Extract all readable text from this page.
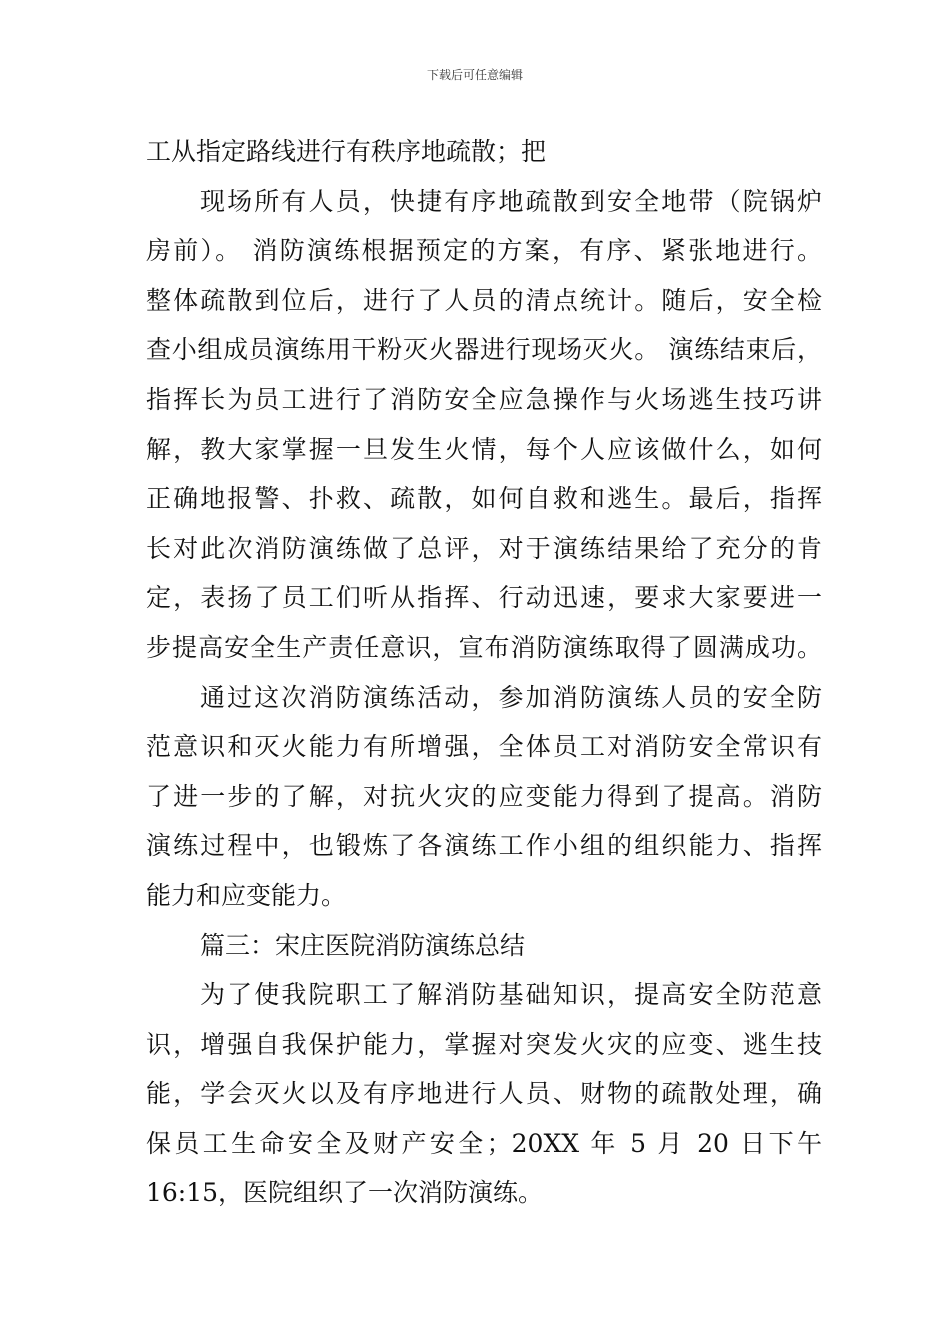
下载后可任意编辑
工从指定路线进行有秩序地疏散；把
现场所有人员，快捷有序地疏散到安全地带（院锅炉
房前）。 消防演练根据预定的方案，有序、紧张地进行。
整体疏散到位后，进行了人员的清点统计。随后，安全检
查小组成员演练用干粉灭火器进行现场灭火。 演练结束后，
指挥长为员工进行了消防安全应急操作与火场逃生技巧讲
解，教大家掌握一旦发生火情，每个人应该做什么，如何
正确地报警、扑救、疏散，如何自救和逃生。最后，指挥
长对此次消防演练做了总评，对于演练结果给了充分的肯
定，表扬了员工们听从指挥、行动迅速，要求大家要进一
步提高安全生产责任意识，宣布消防演练取得了圆满成功。
通过这次消防演练活动，参加消防演练人员的安全防
范意识和灭火能力有所增强，全体员工对消防安全常识有
了进一步的了解，对抗火灾的应变能力得到了提高。消防
演练过程中，也锻炼了各演练工作小组的组织能力、指挥
能力和应变能力。
篇三：宋庄医院消防演练总结
为了使我院职工了解消防基础知识，提高安全防范意
识，增强自我保护能力，掌握对突发火灾的应变、逃生技
能，学会灭火以及有序地进行人员、财物的疏散处理，确
保员工生命安全及财产安全；20XX 年 5 月 20 日下午
16:15，医院组织了一次消防演练。
